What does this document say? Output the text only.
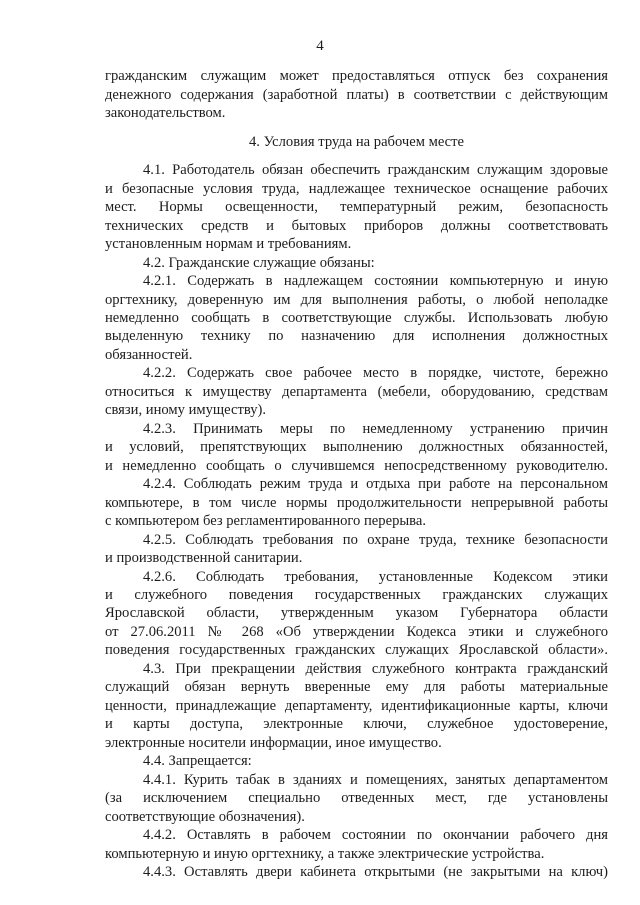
4
4. Условия труда на рабочем месте
гражданским служащим может предоставляться отпуск без сохранения
денежного содержания (заработной платы) в соответствии с действующим
законодательством.
4.1. Работодатель обязан обеспечить гражданским служащим здоровые
и безопасные условия труда, надлежащее техническое оснащение рабочих
мест. Нормы освещенности, температурный режим, безопасность
технических средств и бытовых приборов должны соответствовать
установленным нормам и требованиям.
4.2. Гражданские служащие обязаны:
4.2.1. Содержать в надлежащем состоянии компьютерную и иную
оргтехнику, доверенную им для выполнения работы, о любой неполадке
немедленно сообщать в соответствующие службы. Использовать любую
выделенную технику по назначению для исполнения должностных
обязанностей.
4.2.2. Содержать свое рабочее место в порядке, чистоте, бережно
относиться к имуществу департамента (мебели, оборудованию, средствам
связи, иному имуществу).
4.2.3. Принимать меры по немедленному устранению причин
и условий, препятствующих выполнению должностных обязанностей,
и немедленно сообщать о случившемся непосредственному руководителю.
4.2.4. Соблюдать режим труда и отдыха при работе на персональном
компьютере, в том числе нормы продолжительности непрерывной работы
с компьютером без регламентированного перерыва.
4.2.5. Соблюдать требования по охране труда, технике безопасности
и производственной санитарии.
4.2.6. Соблюдать требования, установленные Кодексом этики
и служебного поведения государственных гражданских служащих
Ярославской области, утвержденным указом Губернатора области
от 27.06.2011 № 268 «Об утверждении Кодекса этики и служебного
поведения государственных гражданских служащих Ярославской области».
4.3. При прекращении действия служебного контракта гражданский
служащий обязан вернуть вверенные ему для работы материальные
ценности, принадлежащие департаменту, идентификационные карты, ключи
и карты доступа, электронные ключи, служебное удостоверение,
электронные носители информации, иное имущество.
4.4. Запрещается:
4.4.1. Курить табак в зданиях и помещениях, занятых департаментом
(за исключением специально отведенных мест, где установлены
соответствующие обозначения).
4.4.2. Оставлять в рабочем состоянии по окончании рабочего дня
компьютерную и иную оргтехнику, а также электрические устройства.
4.4.3. Оставлять двери кабинета открытыми (не закрытыми на ключ)
